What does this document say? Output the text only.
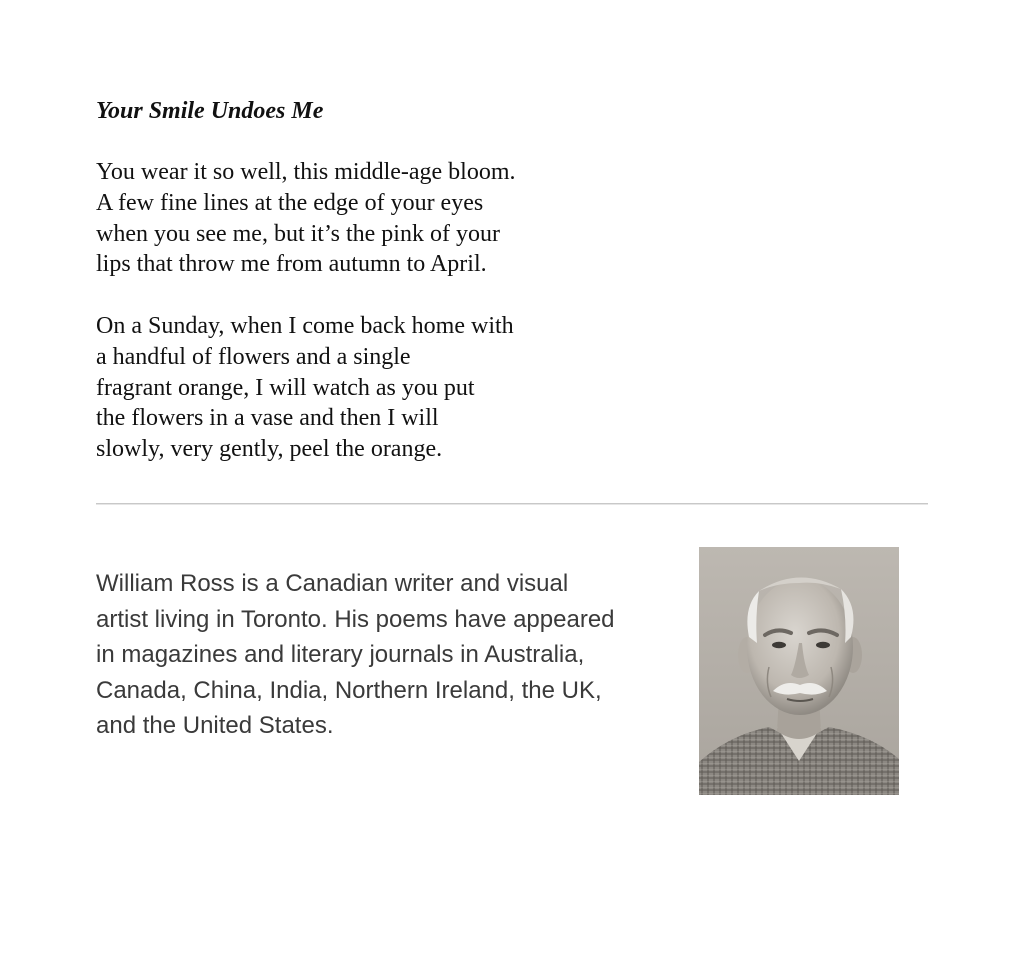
Your Smile Undoes Me

You wear it so well, this middle-age bloom.
A few fine lines at the edge of your eyes
when you see me, but it’s the pink of your
lips that throw me from autumn to April.

On a Sunday, when I come back home with
a handful of flowers and a single
fragrant orange, I will watch as you put
the flowers in a vase and then I will
slowly, very gently, peel the orange.

William Ross is a Canadian writer and visual
artist living in Toronto. His poems have appeared
in magazines and literary journals in Australia,
Canada, China, India, Northern Ireland, the UK,
and the United States.
